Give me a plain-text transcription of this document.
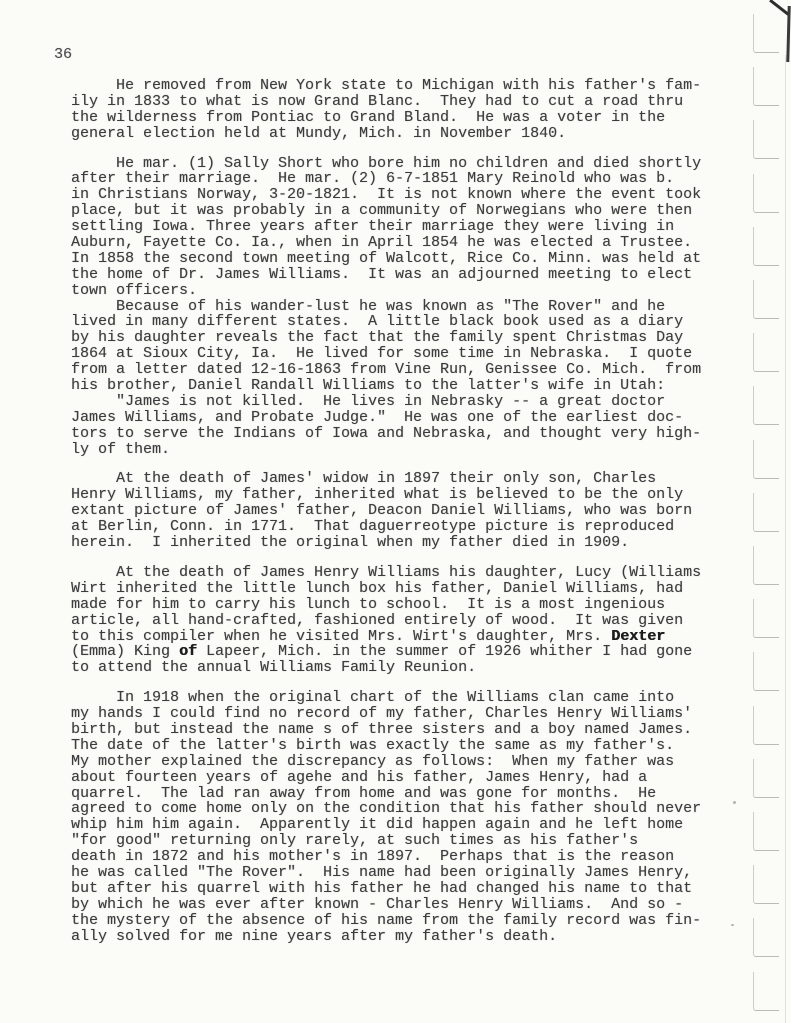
36
He removed from New York state to Michigan with his father's fam-
ily in 1833 to what is now Grand Blanc.  They had to cut a road thru
the wilderness from Pontiac to Grand Bland.  He was a voter in the
general election held at Mundy, Mich. in November 1840.
He mar. (1) Sally Short who bore him no children and died shortly
after their marriage.  He mar. (2) 6-7-1851 Mary Reinold who was b.
in Christians Norway, 3-20-1821.  It is not known where the event took
place, but it was probably in a community of Norwegians who were then
settling Iowa. Three years after their marriage they were living in
Auburn, Fayette Co. Ia., when in April 1854 he was elected a Trustee.
In 1858 the second town meeting of Walcott, Rice Co. Minn. was held at
the home of Dr. James Williams.  It was an adjourned meeting to elect
town officers.
Because of his wander-lust he was known as "The Rover" and he
lived in many different states.  A little black book used as a diary
by his daughter reveals the fact that the family spent Christmas Day
1864 at Sioux City, Ia.  He lived for some time in Nebraska.  I quote
from a letter dated 12-16-1863 from Vine Run, Genissee Co. Mich.  from
his brother, Daniel Randall Williams to the latter's wife in Utah:
"James is not killed.  He lives in Nebrasky -- a great doctor
James Williams, and Probate Judge."  He was one of the earliest doc-
tors to serve the Indians of Iowa and Nebraska, and thought very high-
ly of them.
At the death of James' widow in 1897 their only son, Charles
Henry Williams, my father, inherited what is believed to be the only
extant picture of James' father, Deacon Daniel Williams, who was born
at Berlin, Conn. in 1771.  That daguerreotype picture is reproduced
herein.  I inherited the original when my father died in 1909.
At the death of James Henry Williams his daughter, Lucy (Williams
Wirt inherited the little lunch box his father, Daniel Williams, had
made for him to carry his lunch to school.  It is a most ingenious
article, all hand-crafted, fashioned entirely of wood.  It was given
to this compiler when he visited Mrs. Wirt's daughter, Mrs. Dexter
(Emma) King of Lapeer, Mich. in the summer of 1926 whither I had gone
to attend the annual Williams Family Reunion.
In 1918 when the original chart of the Williams clan came into
my hands I could find no record of my father, Charles Henry Williams'
birth, but instead the name s of three sisters and a boy named James.
The date of the latter's birth was exactly the same as my father's.
My mother explained the discrepancy as follows:  When my father was
about fourteen years of agehe and his father, James Henry, had a
quarrel.  The lad ran away from home and was gone for months.  He
agreed to come home only on the condition that his father should never
whip him him again.  Apparently it did happen again and he left home
"for good" returning only rarely, at such times as his father's
death in 1872 and his mother's in 1897.  Perhaps that is the reason
he was called "The Rover".  His name had been originally James Henry,
but after his quarrel with his father he had changed his name to that
by which he was ever after known - Charles Henry Williams.  And so -
the mystery of the absence of his name from the family record was fin-
ally solved for me nine years after my father's death.
